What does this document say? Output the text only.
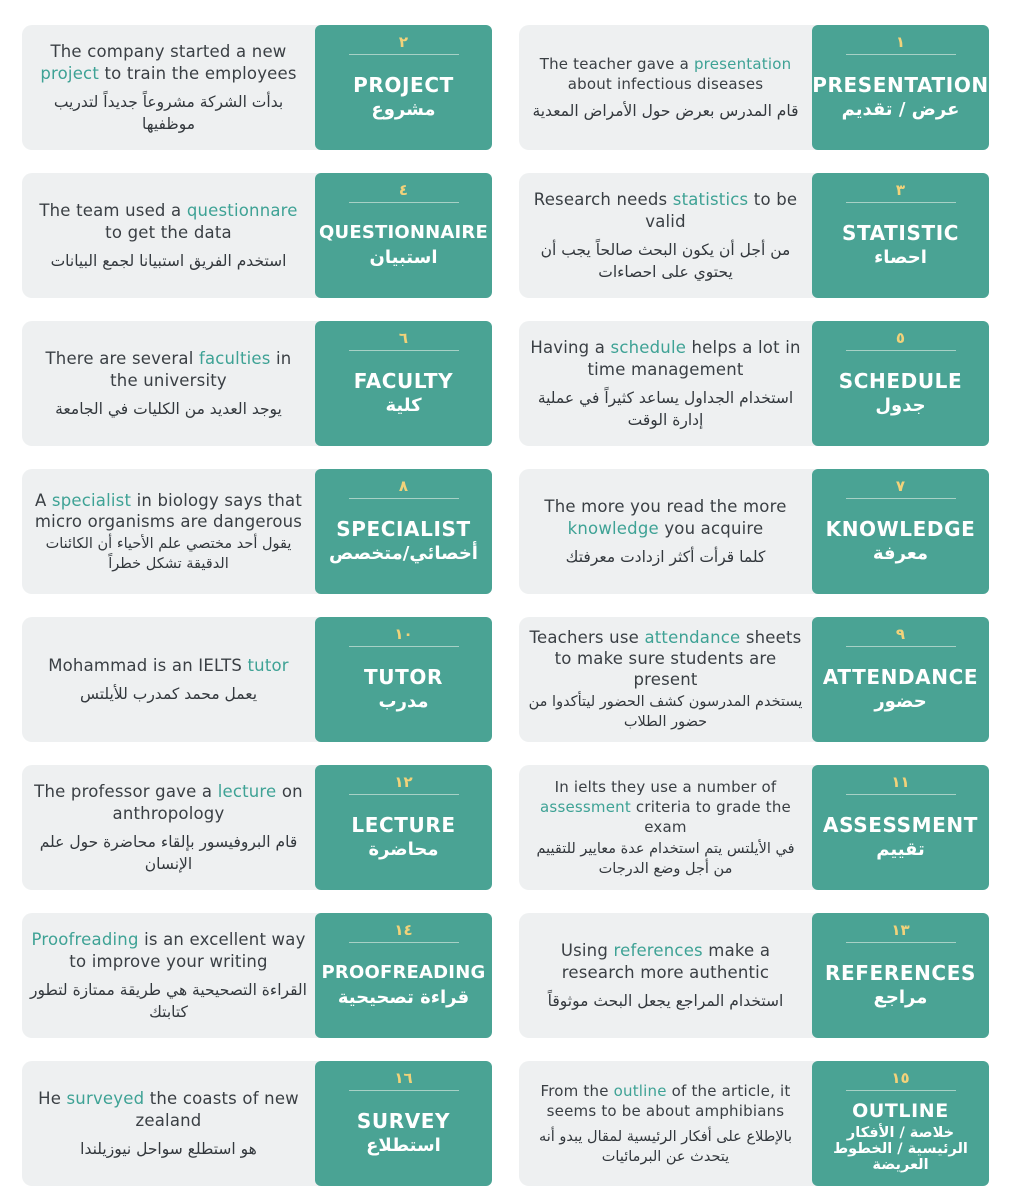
The teacher gave a presentation about infectious diseases
قام المدرس بعرض حول الأمراض المعدية
١
PRESENTATION
عرض / تقديم
The company started a new project to train the employees
بدأت الشركة مشروعاً جديداً لتدريب موظفيها
٢
PROJECT
مشروع
Research needs statistics to be valid
من أجل أن يكون البحث صالحاً يجب أن يحتوي على احصاءات
٣
STATISTIC
احصاء
The team used a questionnare to get the data
استخدم الفريق استبيانا لجمع البيانات
٤
QUESTIONNAIRE
استبيان
Having a schedule helps a lot in time management
استخدام الجداول يساعد كثيراً في عملية إدارة الوقت
٥
SCHEDULE
جدول
There are several faculties in the university
يوجد العديد من الكليات في الجامعة
٦
FACULTY
كلية
The more you read the more knowledge you acquire
كلما قرأت أكثر ازدادت معرفتك
٧
KNOWLEDGE
معرفة
A specialist in biology says that micro organisms are dangerous
يقول أحد مختصي علم الأحياء أن الكائنات الدقيقة تشكل خطراً
٨
SPECIALIST
أخصائي/متخصص
Teachers use attendance sheets to make sure students are present
يستخدم المدرسون كشف الحضور ليتأكدوا من حضور الطلاب
٩
ATTENDANCE
حضور
Mohammad is an IELTS tutor
يعمل محمد كمدرب للأيلتس
١٠
TUTOR
مدرب
In ielts they use a number of assessment criteria to grade the exam
في الأيلتس يتم استخدام عدة معايير للتقييم من أجل وضع الدرجات
١١
ASSESSMENT
تقييم
The professor gave a lecture on anthropology
قام البروفيسور بإلقاء محاضرة حول علم الإنسان
١٢
LECTURE
محاضرة
Using references make a research more authentic
استخدام المراجع يجعل البحث موثوقاً
١٣
REFERENCES
مراجع
Proofreading is an excellent way to improve your writing
القراءة التصحيحية هي طريقة ممتازة لتطور كتابتك
١٤
PROOFREADING
قراءة تصحيحية
From the outline of the article, it seems to be about amphibians
بالإطلاع على أفكار الرئيسية لمقال يبدو أنه يتحدث عن البرمائيات
١٥
OUTLINE
خلاصة / الأفكار الرئيسية / الخطوط العريضة
He surveyed the coasts of new zealand
هو استطلع سواحل نيوزيلندا
١٦
SURVEY
استطلاع
